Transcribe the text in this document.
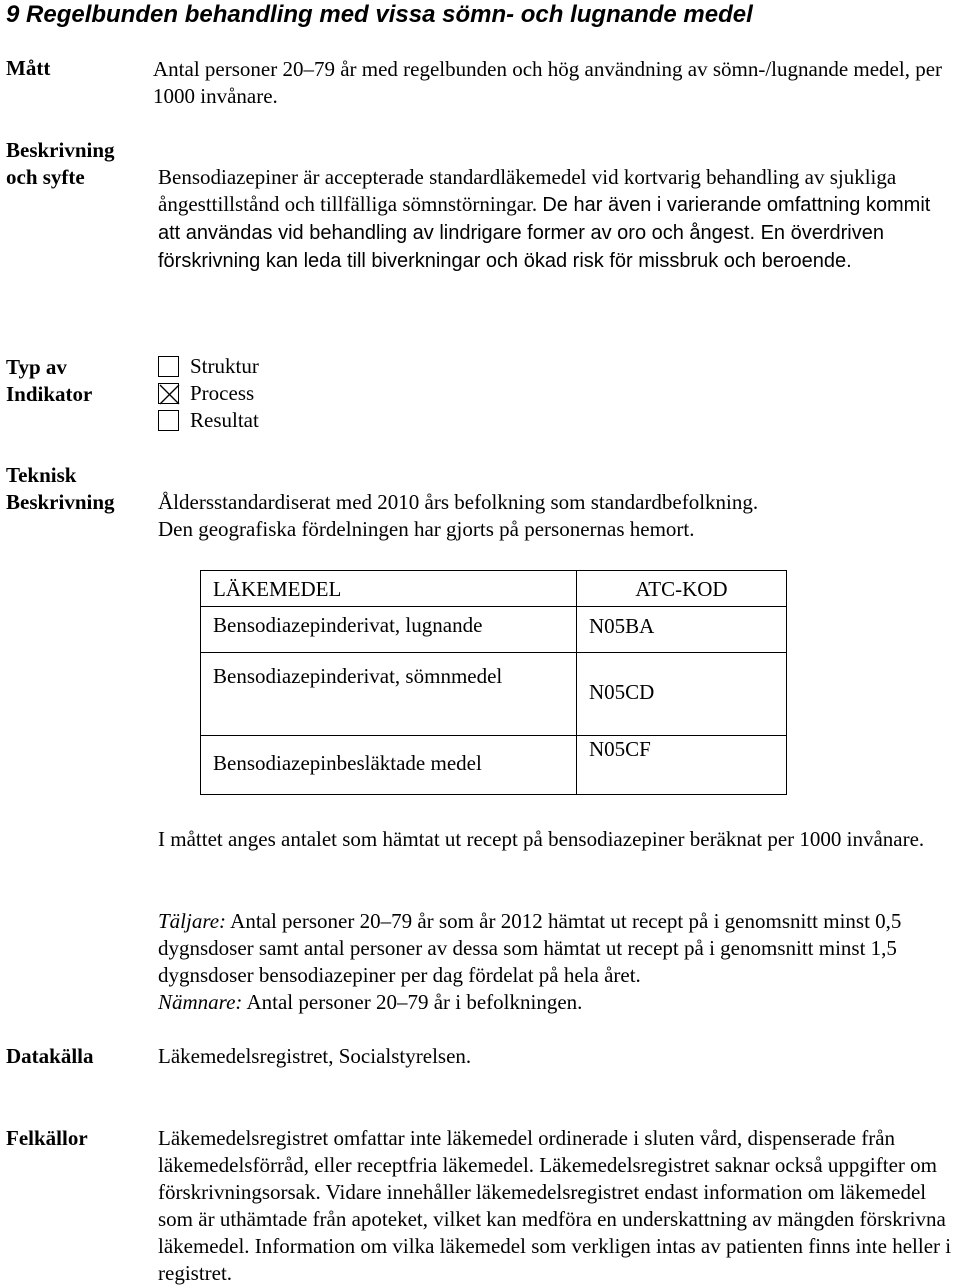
9 Regelbunden behandling med vissa sömn- och lugnande medel
Mått	Antal personer 20–79 år med regelbunden och hög användning av sömn-/lugnande medel, per 1000 invånare.
Beskrivning
och syfte	Bensodiazepiner är accepterade standardläkemedel vid kortvarig behandling av sjukliga ångesttillstånd och tillfälliga sömnstörningar. De har även i varierande omfattning kommit att användas vid behandling av lindrigare former av oro och ångest. En överdriven förskrivning kan leda till biverkningar och ökad risk för missbruk och beroende.
Typ av
Indikator
Struktur
Process
Resultat
Teknisk
Beskrivning	Åldersstandardiserat med 2010 års befolkning som standardbefolkning.
Den geografiska fördelningen har gjorts på personernas hemort.
LÄKEMEDEL	ATC-KOD
Bensodiazepinderivat, lugnande	N05BA
Bensodiazepinderivat, sömnmedel	N05CD
Bensodiazepinbesläktade medel	N05CF
I måttet anges antalet som hämtat ut recept på bensodiazepiner beräknat per 1000 invånare.
Täljare: Antal personer 20–79 år som år 2012 hämtat ut recept på i genomsnitt minst 0,5 dygnsdoser samt antal personer av dessa som hämtat ut recept på i genomsnitt minst 1,5 dygnsdoser bensodiazepiner per dag fördelat på hela året.
Nämnare: Antal personer 20–79 år i befolkningen.
Datakälla	Läkemedelsregistret, Socialstyrelsen.
Felkällor	Läkemedelsregistret omfattar inte läkemedel ordinerade i sluten vård, dispenserade från läkemedelsförråd, eller receptfria läkemedel. Läkemedelsregistret saknar också uppgifter om förskrivningsorsak. Vidare innehåller läkemedelsregistret endast information om läkemedel som är uthämtade från apoteket, vilket kan medföra en underskattning av mängden förskrivna läkemedel. Information om vilka läkemedel som verkligen intas av patienten finns inte heller i registret.
